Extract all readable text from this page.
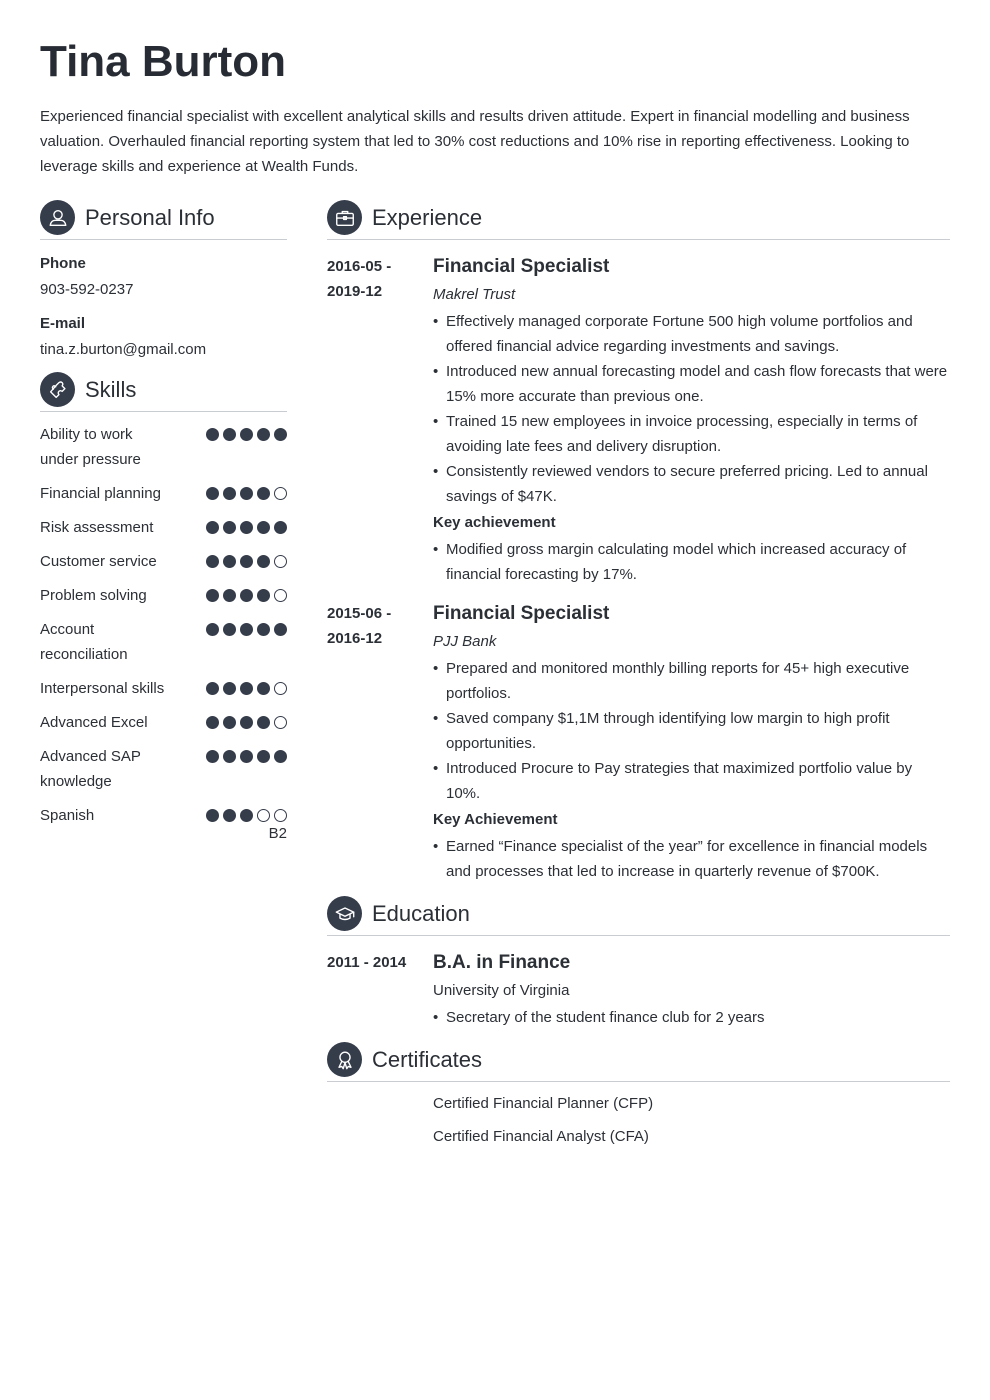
Tina Burton

Experienced financial specialist with excellent analytical skills and results driven attitude. Expert in financial modelling and business valuation. Overhauled financial reporting system that led to 30% cost reductions and 10% rise in reporting effectiveness. Looking to leverage skills and experience at Wealth Funds.

Personal Info
Phone
903-592-0237
E-mail
tina.z.burton@gmail.com
Skills
Ability to work under pressure
Financial planning
Risk assessment
Customer service
Problem solving
Account reconciliation
Interpersonal skills
Advanced Excel
Advanced SAP knowledge
Spanish
B2
Experience
2016-05 - 2019-12
Financial Specialist
Makrel Trust
• Effectively managed corporate Fortune 500 high volume portfolios and offered financial advice regarding investments and savings.
• Introduced new annual forecasting model and cash flow forecasts that were 15% more accurate than previous one.
• Trained 15 new employees in invoice processing, especially in terms of avoiding late fees and delivery disruption.
• Consistently reviewed vendors to secure preferred pricing. Led to annual savings of $47K.
Key achievement
• Modified gross margin calculating model which increased accuracy of financial forecasting by 17%.
2015-06 - 2016-12
Financial Specialist
PJJ Bank
• Prepared and monitored monthly billing reports for 45+ high executive portfolios.
• Saved company $1,1M through identifying low margin to high profit opportunities.
• Introduced Procure to Pay strategies that maximized portfolio value by 10%.
Key Achievement
• Earned “Finance specialist of the year” for excellence in financial models and processes that led to increase in quarterly revenue of $700K.
Education
2011 - 2014	B.A. in Finance
University of Virginia
• Secretary of the student finance club for 2 years
Certificates
Certified Financial Planner (CFP)
Certified Financial Analyst (CFA)
